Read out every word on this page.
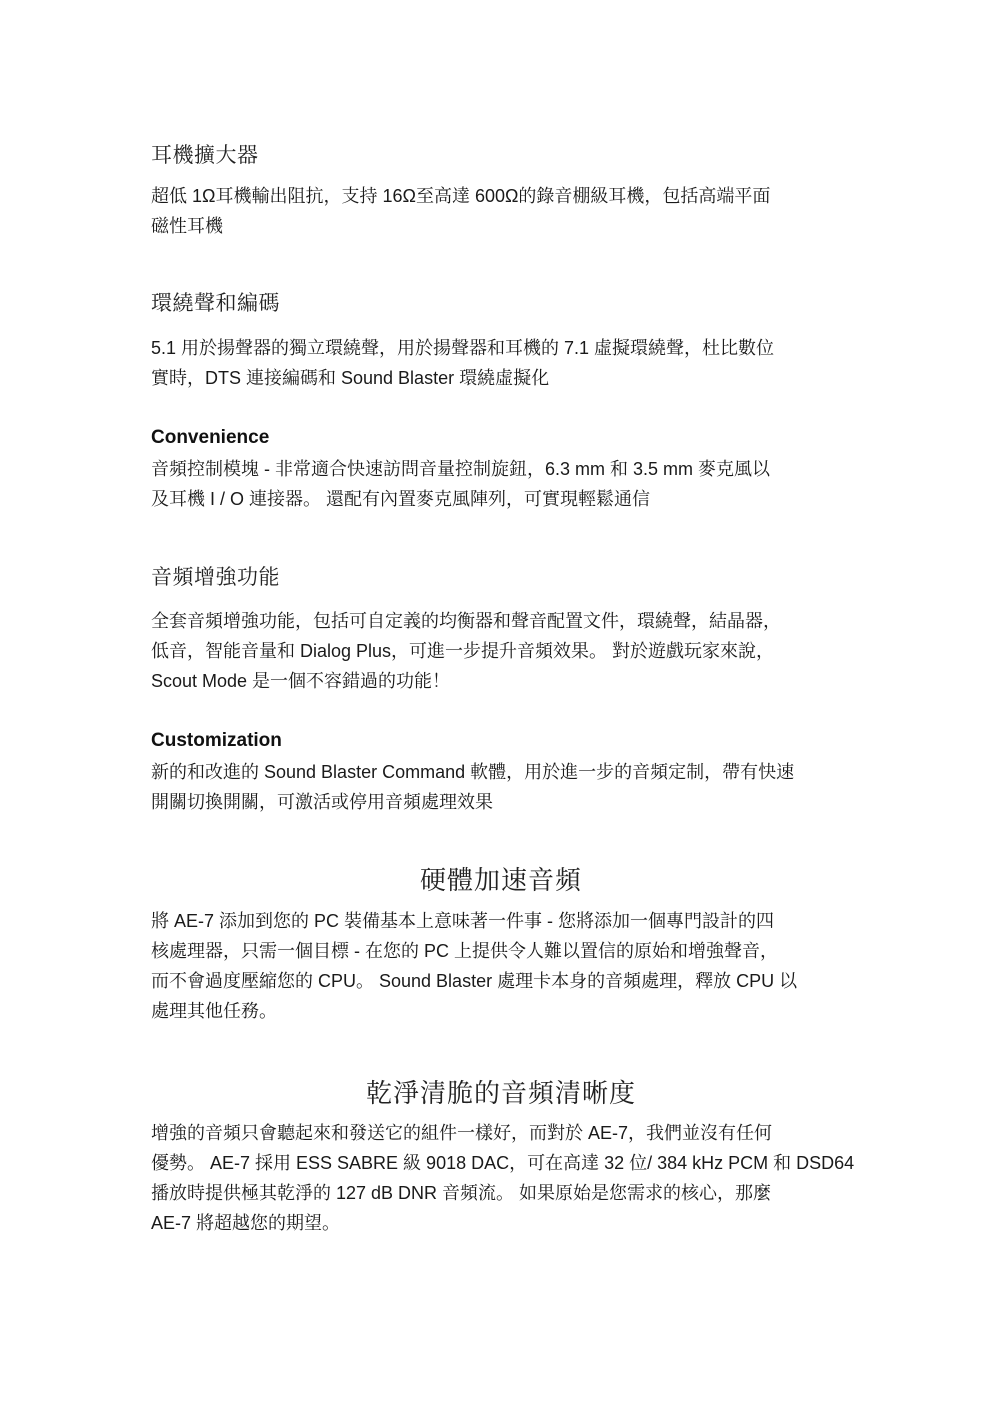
耳機擴大器
超低 1Ω耳機輸出阻抗，支持 16Ω至高達 600Ω的錄音棚級耳機，包括高端平面
磁性耳機
環繞聲和編碼
5.1 用於揚聲器的獨立環繞聲，用於揚聲器和耳機的 7.1 虛擬環繞聲，杜比數位
實時，DTS 連接編碼和 Sound Blaster 環繞虛擬化
Convenience
音頻控制模塊 - 非常適合快速訪問音量控制旋鈕，6.3 mm 和 3.5 mm 麥克風以
及耳機 I / O 連接器。 還配有內置麥克風陣列，可實現輕鬆通信
音頻增強功能
全套音頻增強功能，包括可自定義的均衡器和聲音配置文件，環繞聲，結晶器，
低音，智能音量和 Dialog Plus，可進一步提升音頻效果。 對於遊戲玩家來說，
Scout Mode 是一個不容錯過的功能！
Customization
新的和改進的 Sound Blaster Command 軟體，用於進一步的音頻定制，帶有快速
開關切換開關，可激活或停用音頻處理效果
硬體加速音頻
將 AE-7 添加到您的 PC 裝備基本上意味著一件事 - 您將添加一個專門設計的四
核處理器，只需一個目標 - 在您的 PC 上提供令人難以置信的原始和增強聲音，
而不會過度壓縮您的 CPU。 Sound Blaster 處理卡本身的音頻處理，釋放 CPU 以
處理其他任務。
乾淨清脆的音頻清晰度
增強的音頻只會聽起來和發送它的組件一樣好，而對於 AE-7，我們並沒有任何
優勢。 AE-7 採用 ESS SABRE 級 9018 DAC，可在高達 32 位/ 384 kHz PCM 和 DSD64
播放時提供極其乾淨的 127 dB DNR 音頻流。 如果原始是您需求的核心，那麼
AE-7 將超越您的期望。
